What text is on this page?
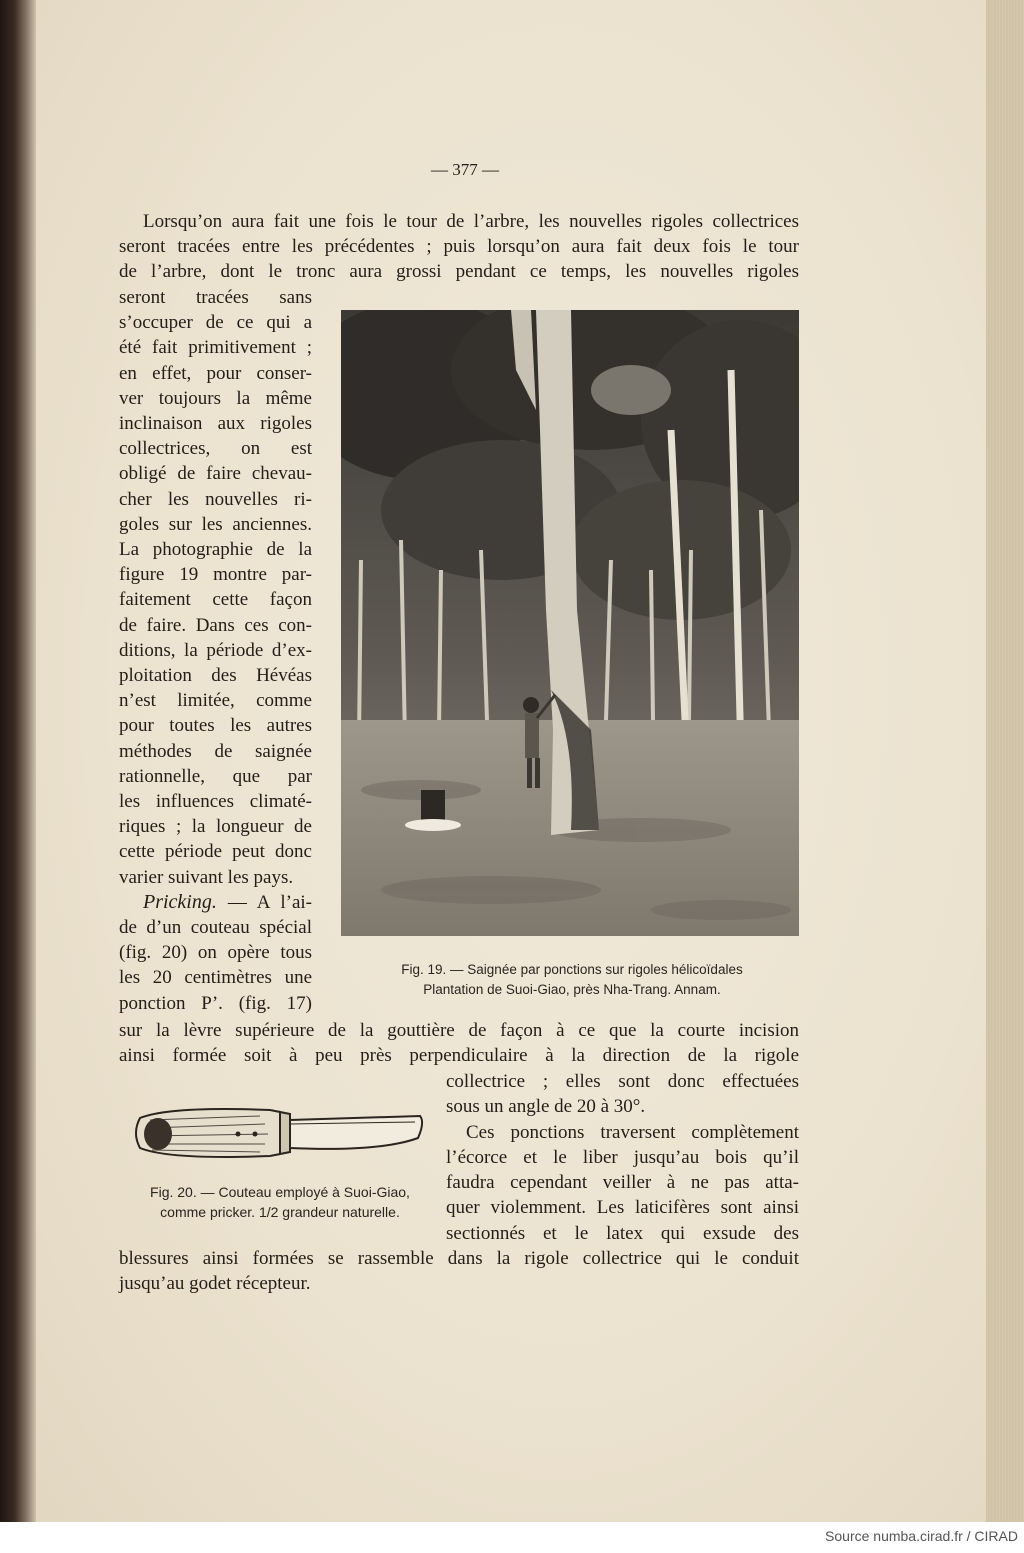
— 377 —
Lorsqu’on aura fait une fois le tour de l’arbre, les nouvelles rigoles collectrices
seront tracées entre les précédentes ; puis lorsqu’on aura fait deux fois le tour
de l’arbre, dont le tronc aura grossi pendant ce temps, les nouvelles rigoles
seront tracées sans
s’occuper de ce qui a
été fait primitivement ;
en effet, pour conser-
ver toujours la même
inclinaison aux rigoles
collectrices, on est
obligé de faire chevau-
cher les nouvelles ri-
goles sur les anciennes.
La photographie de la
figure 19 montre par-
faitement cette façon
de faire. Dans ces con-
ditions, la période d’ex-
ploitation des Hévéas
n’est limitée, comme
pour toutes les autres
méthodes de saignée
rationnelle, que par
les influences climaté-
riques ; la longueur de
cette période peut donc
varier suivant les pays.
Pricking. — A l’ai-
de d’un couteau spécial
(fig. 20) on opère tous
les 20 centimètres une
ponction P’. (fig. 17)
Fig. 19. — Saignée par ponctions sur rigoles hélicoïdales
Plantation de Suoi-Giao, près Nha-Trang. Annam.
sur la lèvre supérieure de la gouttière de façon à ce que la courte incision
ainsi formée soit à peu près perpendiculaire à la direction de la rigole
Fig. 20. — Couteau employé à Suoi-Giao,
comme pricker. 1/2 grandeur naturelle.
collectrice ; elles sont donc effectuées
sous un angle de 20 à 30°.
Ces ponctions traversent complètement
l’écorce et le liber jusqu’au bois qu’il
faudra cependant veiller à ne pas atta-
quer violemment. Les laticifères sont ainsi
sectionnés et le latex qui exsude des
blessures ainsi formées se rassemble dans la rigole collectrice qui le conduit
jusqu’au godet récepteur.
Source numba.cirad.fr / CIRAD
